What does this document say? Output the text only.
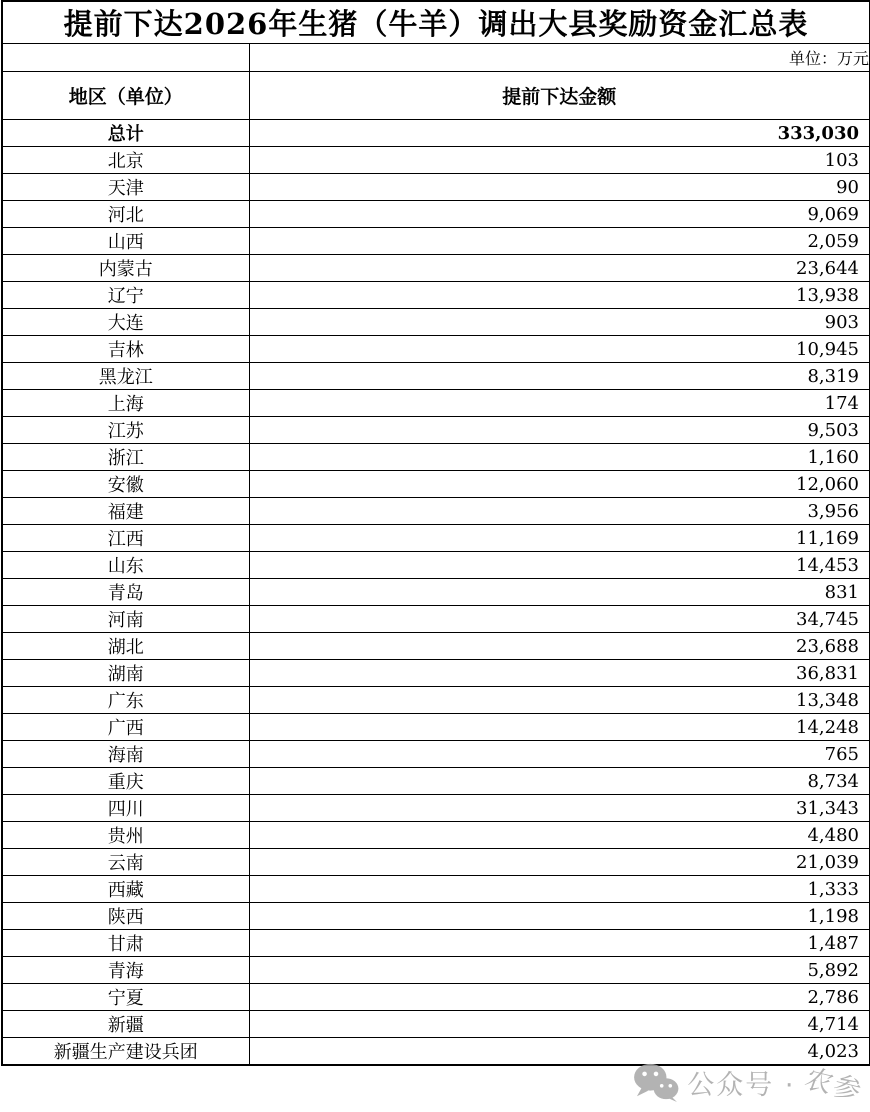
提前下达2026年生猪（牛羊）调出大县奖励资金汇总表	
	单位：万元
地区（单位）	提前下达金额
总计	333,030
北京	103
天津	90
河北	9,069
山西	2,059
内蒙古	23,644
辽宁	13,938
大连	903
吉林	10,945
黑龙江	8,319
上海	174
江苏	9,503
浙江	1,160
安徽	12,060
福建	3,956
江西	11,169
山东	14,453
青岛	831
河南	34,745
湖北	23,688
湖南	36,831
广东	13,348
广西	14,248
海南	765
重庆	8,734
四川	31,343
贵州	4,480
云南	21,039
西藏	1,333
陕西	1,198
甘肃	1,487
青海	5,892
宁夏	2,786
新疆	4,714
新疆生产建设兵团	4,023
公众号 · 农参
